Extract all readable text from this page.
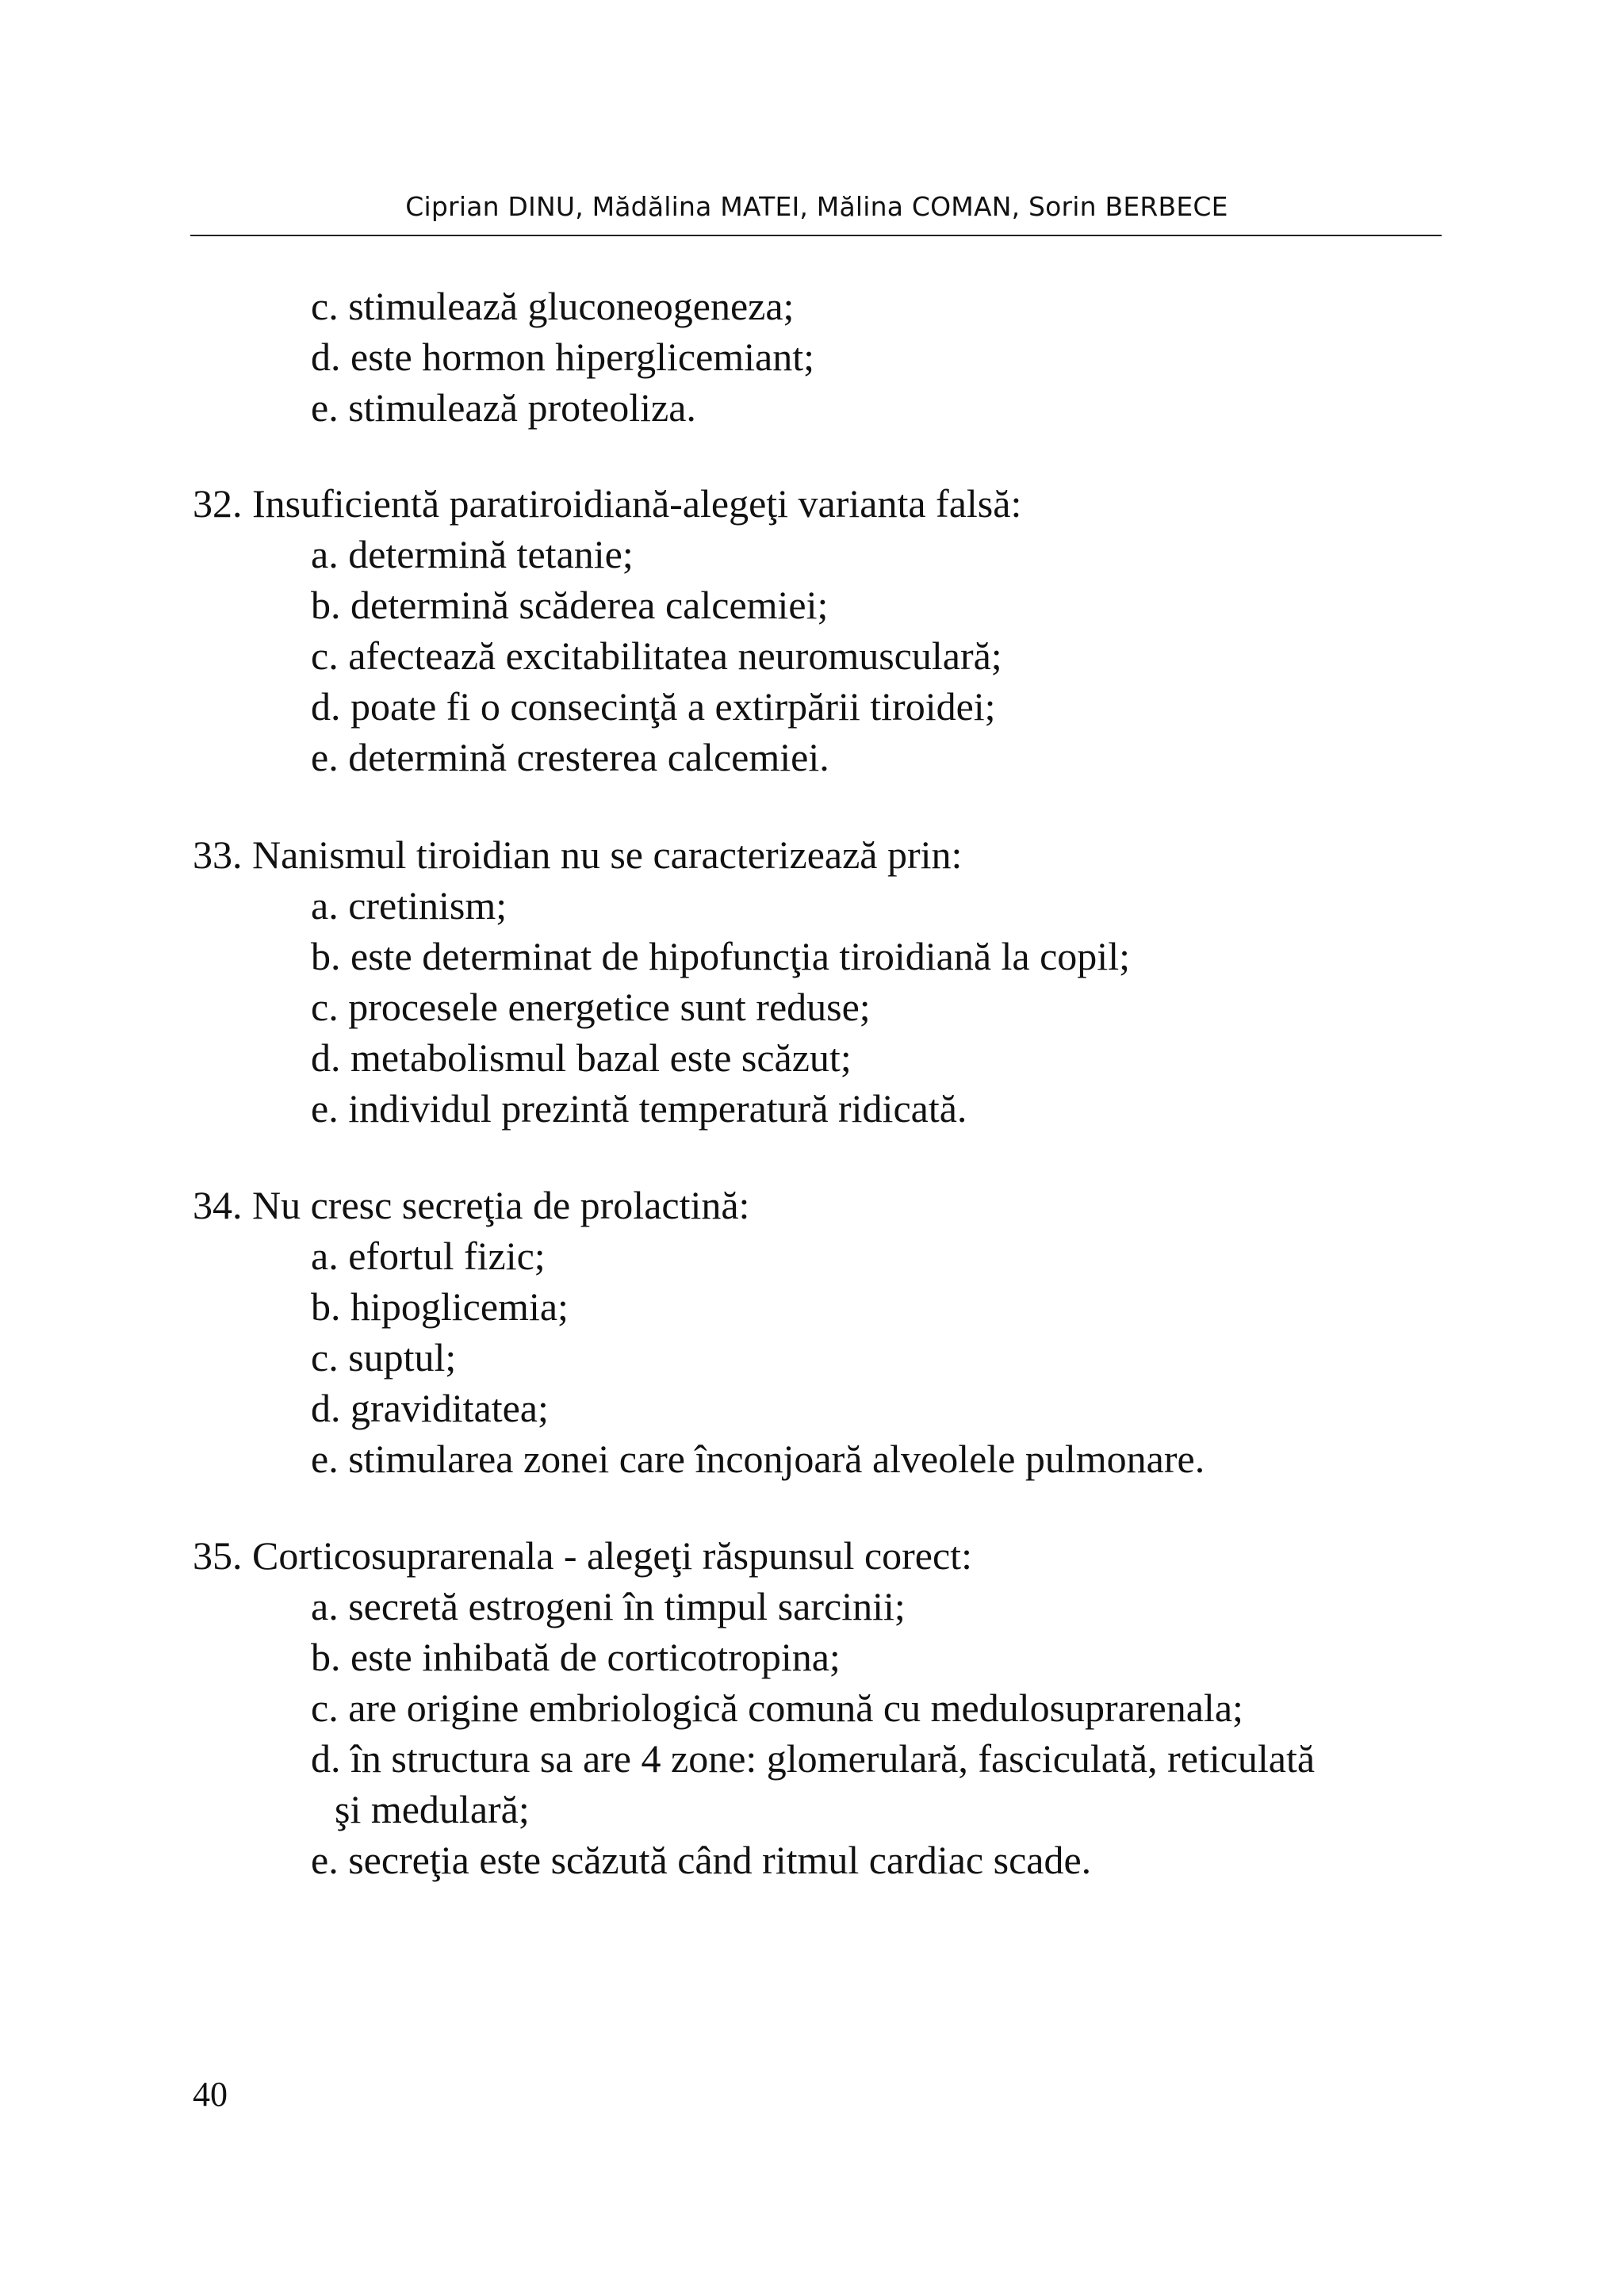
Ciprian DINU, Mădălina MATEI, Mălina COMAN, Sorin BERBECE
c. stimulează gluconeogeneza;
d. este hormon hiperglicemiant;
e. stimulează proteoliza.
32. Insuficientă paratiroidiană-alegeţi varianta falsă:
a. determină tetanie;
b. determină scăderea calcemiei;
c. afectează excitabilitatea neuromusculară;
d. poate fi o consecinţă a extirpării tiroidei;
e. determină cresterea calcemiei.
33. Nanismul tiroidian nu se caracterizează prin:
a. cretinism;
b. este determinat de hipofuncţia tiroidiană la copil;
c. procesele energetice sunt reduse;
d. metabolismul bazal este scăzut;
e. individul prezintă temperatură ridicată.
34. Nu cresc secreţia de prolactină:
a. efortul fizic;
b. hipoglicemia;
c. suptul;
d. graviditatea;
e. stimularea zonei care înconjoară alveolele pulmonare.
35. Corticosuprarenala - alegeţi răspunsul corect:
a. secretă estrogeni în timpul sarcinii;
b. este inhibată de corticotropina;
c. are origine embriologică comună cu medulosuprarenala;
d. în structura sa are 4 zone: glomerulară, fasciculată, reticulată
şi medulară;
e. secreţia este scăzută când ritmul cardiac scade.
40
